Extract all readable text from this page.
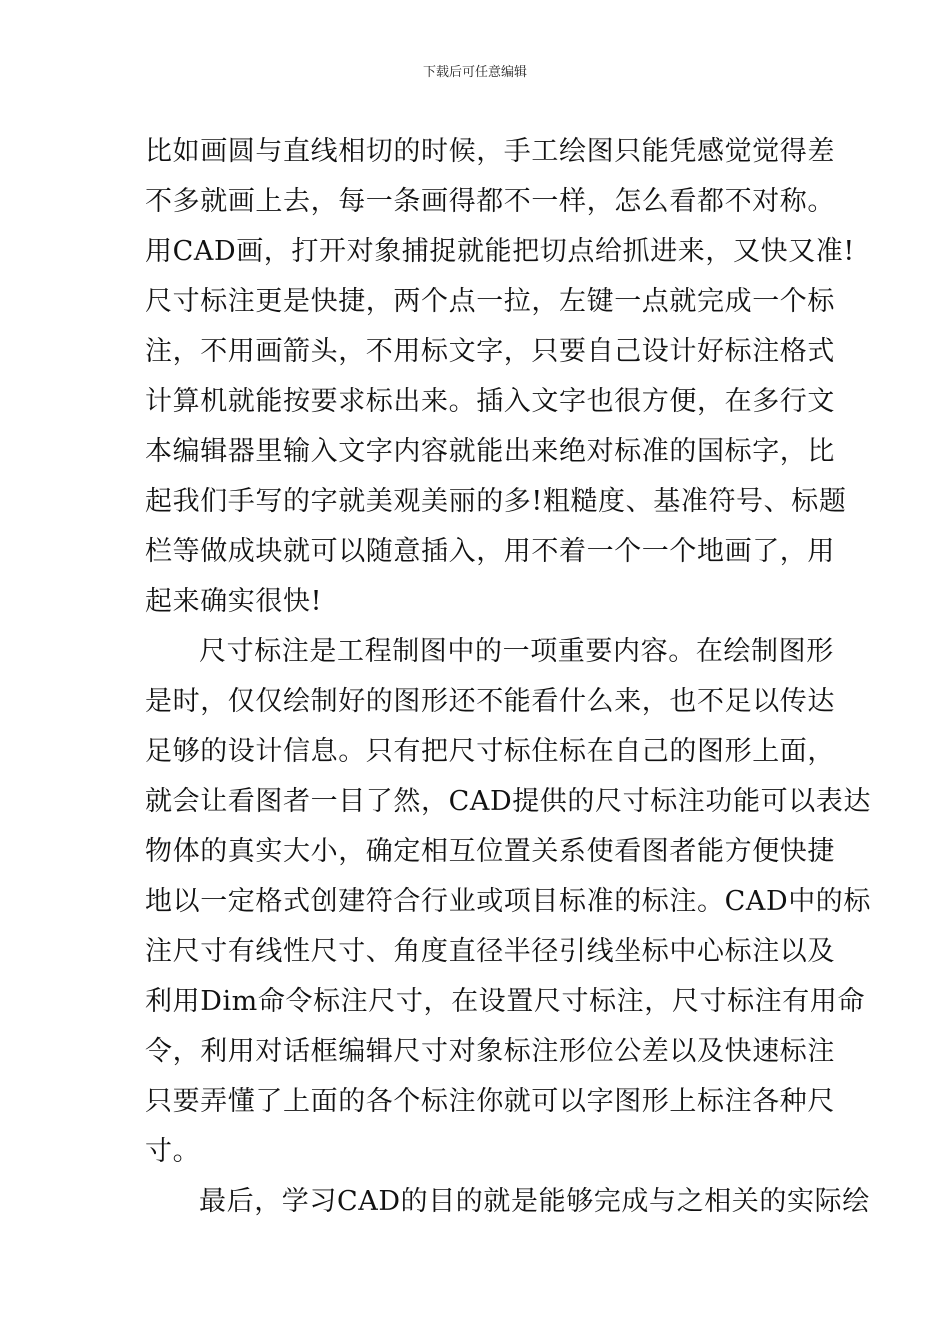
下载后可任意编辑
比如画圆与直线相切的时候，手工绘图只能凭感觉觉得差
不多就画上去，每一条画得都不一样，怎么看都不对称。
用CAD画，打开对象捕捉就能把切点给抓进来，又快又准!
尺寸标注更是快捷，两个点一拉，左键一点就完成一个标
注，不用画箭头，不用标文字，只要自己设计好标注格式
计算机就能按要求标出来。插入文字也很方便，在多行文
本编辑器里输入文字内容就能出来绝对标准的国标字，比
起我们手写的字就美观美丽的多!粗糙度、基准符号、标题
栏等做成块就可以随意插入，用不着一个一个地画了，用
起来确实很快!
尺寸标注是工程制图中的一项重要内容。在绘制图形
是时，仅仅绘制好的图形还不能看什么来，也不足以传达
足够的设计信息。只有把尺寸标住标在自己的图形上面，
就会让看图者一目了然，CAD提供的尺寸标注功能可以表达
物体的真实大小，确定相互位置关系使看图者能方便快捷
地以一定格式创建符合行业或项目标准的标注。CAD中的标
注尺寸有线性尺寸、角度直径半径引线坐标中心标注以及
利用Dim命令标注尺寸，在设置尺寸标注，尺寸标注有用命
令，利用对话框编辑尺寸对象标注形位公差以及快速标注
只要弄懂了上面的各个标注你就可以字图形上标注各种尺
寸。
最后，学习CAD的目的就是能够完成与之相关的实际绘
